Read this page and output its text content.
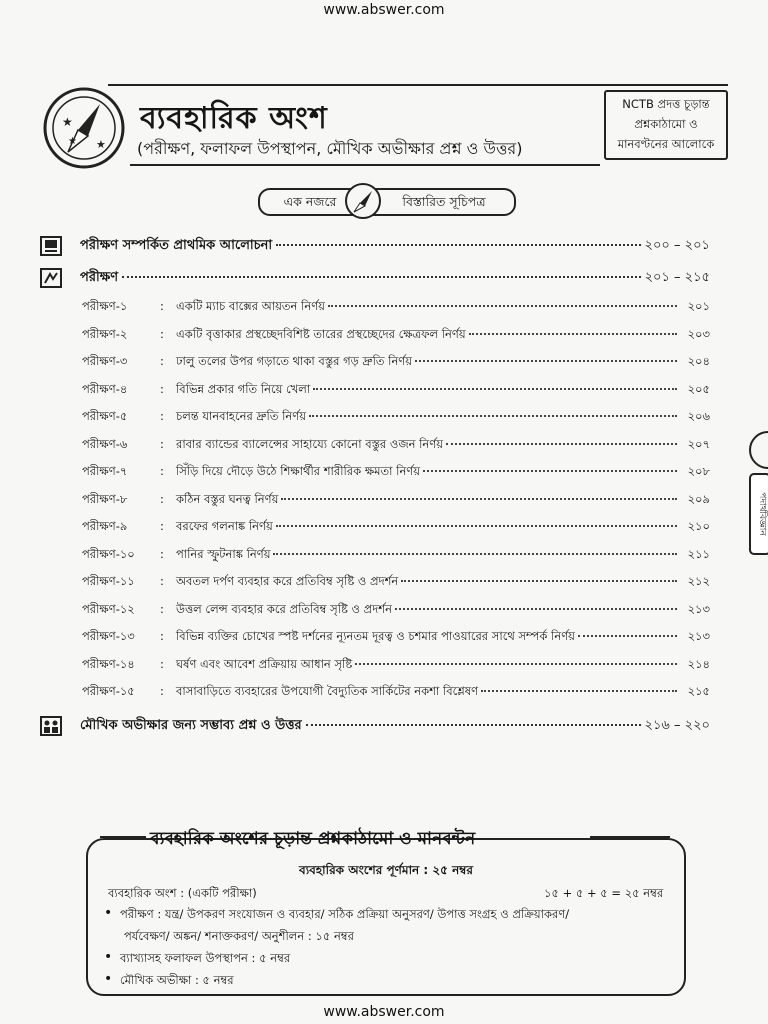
www.abswer.com
★
★ ★
ব্যবহারিক অংশ
(পরীক্ষণ, ফলাফল উপস্থাপন, মৌখিক অভীক্ষার প্রশ্ন ও উত্তর)
NCTB প্রদত্ত চূড়ান্ত
প্রশ্নকাঠামো ও
মানবণ্টনের আলোকে
এক নজরে	বিস্তারিত সূচিপত্র
পরীক্ষণ সম্পর্কিত প্রাথমিক আলোচনা	২০০ – ২০১
পরীক্ষণ	২০১ – ২১৫
পরীক্ষণ-১	:	একটি ম্যাচ বাক্সের আয়তন নির্ণয়	২০১
পরীক্ষণ-২	:	একটি বৃত্তাকার প্রস্থচ্ছেদবিশিষ্ট তারের প্রস্থচ্ছেদের ক্ষেত্রফল নির্ণয়	২০৩
পরীক্ষণ-৩	:	ঢালু তলের উপর গড়াতে থাকা বস্তুর গড় দ্রুতি নির্ণয়	২০৪
পরীক্ষণ-৪	:	বিভিন্ন প্রকার গতি নিয়ে খেলা	২০৫
পরীক্ষণ-৫	:	চলন্ত যানবাহনের দ্রুতি নির্ণয়	২০৬
পরীক্ষণ-৬	:	রাবার ব্যান্ডের ব্যালেন্সের সাহায্যে কোনো বস্তুর ওজন নির্ণয়	২০৭
পরীক্ষণ-৭	:	সিঁড়ি দিয়ে দৌড়ে উঠে শিক্ষার্থীর শারীরিক ক্ষমতা নির্ণয়	২০৮
পরীক্ষণ-৮	:	কঠিন বস্তুর ঘনত্ব নির্ণয়	২০৯
পরীক্ষণ-৯	:	বরফের গলনাঙ্ক নির্ণয়	২১০
পরীক্ষণ-১০	:	পানির স্ফুটনাঙ্ক নির্ণয়	২১১
পরীক্ষণ-১১	:	অবতল দর্পণ ব্যবহার করে প্রতিবিম্ব সৃষ্টি ও প্রদর্শন	২১২
পরীক্ষণ-১২	:	উত্তল লেন্স ব্যবহার করে প্রতিবিম্ব সৃষ্টি ও প্রদর্শন	২১৩
পরীক্ষণ-১৩	:	বিভিন্ন ব্যক্তির চোখের স্পষ্ট দর্শনের ন্যূনতম দূরত্ব ও চশমার পাওয়ারের সাথে সম্পর্ক নির্ণয়	২১৩
পরীক্ষণ-১৪	:	ঘর্ষণ এবং আবেশ প্রক্রিয়ায় আধান সৃষ্টি	২১৪
পরীক্ষণ-১৫	:	বাসাবাড়িতে ব্যবহারের উপযোগী বৈদ্যুতিক সার্কিটের নকশা বিশ্লেষণ	২১৫
মৌখিক অভীক্ষার জন্য সম্ভাব্য প্রশ্ন ও উত্তর	২১৬ – ২২০
পদার্থবিজ্ঞান
ব্যবহারিক অংশের চূড়ান্ত প্রশ্নকাঠামো ও মানবন্টন
ব্যবহারিক অংশের পূর্ণমান : ২৫ নম্বর
ব্যবহারিক অংশ : (একটি পরীক্ষা)	১৫ + ৫ + ৫ = ২৫ নম্বর
• পরীক্ষণ : যন্ত্র/ উপকরণ সংযোজন ও ব্যবহার/ সঠিক প্রক্রিয়া অনুসরণ/ উপাত্ত সংগ্রহ ও প্রক্রিয়াকরণ/
পর্যবেক্ষণ/ অঙ্কন/ শনাক্তকরণ/ অনুশীলন : ১৫ নম্বর
• ব্যাখ্যাসহ ফলাফল উপস্থাপন : ৫ নম্বর
• মৌখিক অভীক্ষা : ৫ নম্বর
www.abswer.com
